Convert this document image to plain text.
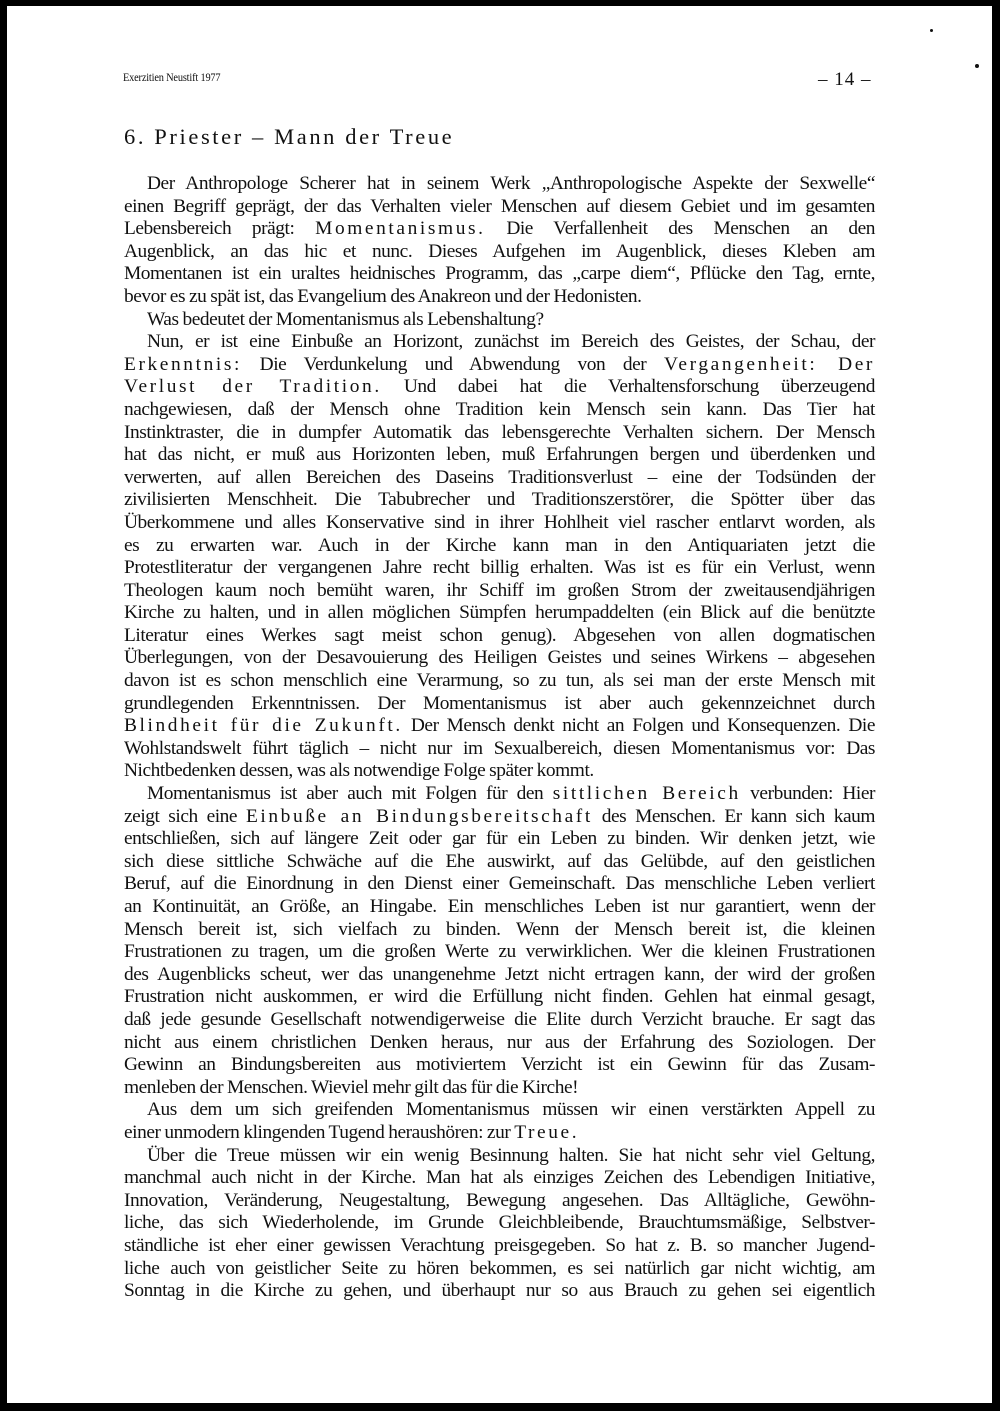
Exerzitien Neustift 1977	– 14 –
6. Priester – Mann der Treue
Der Anthropologe Scherer hat in seinem Werk „Anthropologische Aspekte der Sexwelle“
einen Begriff geprägt, der das Verhalten vieler Menschen auf diesem Gebiet und im gesamten
Lebensbereich prägt: Momentanismus. Die Verfallenheit des Menschen an den
Augenblick, an das hic et nunc. Dieses Aufgehen im Augenblick, dieses Kleben am
Momentanen ist ein uraltes heidnisches Programm, das „carpe diem“, Pflücke den Tag, ernte,
bevor es zu spät ist, das Evangelium des Anakreon und der Hedonisten.
Was bedeutet der Momentanismus als Lebenshaltung?
Nun, er ist eine Einbuße an Horizont, zunächst im Bereich des Geistes, der Schau, der
Erkenntnis: Die Verdunkelung und Abwendung von der Vergangenheit: Der
Verlust der Tradition. Und dabei hat die Verhaltensforschung überzeugend
nachgewiesen, daß der Mensch ohne Tradition kein Mensch sein kann. Das Tier hat
Instinktraster, die in dumpfer Automatik das lebensgerechte Verhalten sichern. Der Mensch
hat das nicht, er muß aus Horizonten leben, muß Erfahrungen bergen und überdenken und
verwerten, auf allen Bereichen des Daseins Traditionsverlust – eine der Todsünden der
zivilisierten Menschheit. Die Tabubrecher und Traditionszerstörer, die Spötter über das
Überkommene und alles Konservative sind in ihrer Hohlheit viel rascher entlarvt worden, als
es zu erwarten war. Auch in der Kirche kann man in den Antiquariaten jetzt die
Protestliteratur der vergangenen Jahre recht billig erhalten. Was ist es für ein Verlust, wenn
Theologen kaum noch bemüht waren, ihr Schiff im großen Strom der zweitausendjährigen
Kirche zu halten, und in allen möglichen Sümpfen herumpaddelten (ein Blick auf die benützte
Literatur eines Werkes sagt meist schon genug). Abgesehen von allen dogmatischen
Überlegungen, von der Desavouierung des Heiligen Geistes und seines Wirkens – abgesehen
davon ist es schon menschlich eine Verarmung, so zu tun, als sei man der erste Mensch mit
grundlegenden Erkenntnissen. Der Momentanismus ist aber auch gekennzeichnet durch
Blindheit für die Zukunft. Der Mensch denkt nicht an Folgen und Konsequenzen. Die
Wohlstandswelt führt täglich – nicht nur im Sexualbereich, diesen Momentanismus vor: Das
Nichtbedenken dessen, was als notwendige Folge später kommt.
Momentanismus ist aber auch mit Folgen für den sittlichen Bereich verbunden: Hier
zeigt sich eine Einbuße an Bindungsbereitschaft des Menschen. Er kann sich kaum
entschließen, sich auf längere Zeit oder gar für ein Leben zu binden. Wir denken jetzt, wie
sich diese sittliche Schwäche auf die Ehe auswirkt, auf das Gelübde, auf den geistlichen
Beruf, auf die Einordnung in den Dienst einer Gemeinschaft. Das menschliche Leben verliert
an Kontinuität, an Größe, an Hingabe. Ein menschliches Leben ist nur garantiert, wenn der
Mensch bereit ist, sich vielfach zu binden. Wenn der Mensch bereit ist, die kleinen
Frustrationen zu tragen, um die großen Werte zu verwirklichen. Wer die kleinen Frustrationen
des Augenblicks scheut, wer das unangenehme Jetzt nicht ertragen kann, der wird der großen
Frustration nicht auskommen, er wird die Erfüllung nicht finden. Gehlen hat einmal gesagt,
daß jede gesunde Gesellschaft notwendigerweise die Elite durch Verzicht brauche. Er sagt das
nicht aus einem christlichen Denken heraus, nur aus der Erfahrung des Soziologen. Der
Gewinn an Bindungsbereiten aus motiviertem Verzicht ist ein Gewinn für das Zusam-
menleben der Menschen. Wieviel mehr gilt das für die Kirche!
Aus dem um sich greifenden Momentanismus müssen wir einen verstärkten Appell zu
einer unmodern klingenden Tugend heraushören: zur Treue.
Über die Treue müssen wir ein wenig Besinnung halten. Sie hat nicht sehr viel Geltung,
manchmal auch nicht in der Kirche. Man hat als einziges Zeichen des Lebendigen Initiative,
Innovation, Veränderung, Neugestaltung, Bewegung angesehen. Das Alltägliche, Gewöhn-
liche, das sich Wiederholende, im Grunde Gleichbleibende, Brauchtumsmäßige, Selbstver-
ständliche ist eher einer gewissen Verachtung preisgegeben. So hat z. B. so mancher Jugend-
liche auch von geistlicher Seite zu hören bekommen, es sei natürlich gar nicht wichtig, am
Sonntag in die Kirche zu gehen, und überhaupt nur so aus Brauch zu gehen sei eigentlich
